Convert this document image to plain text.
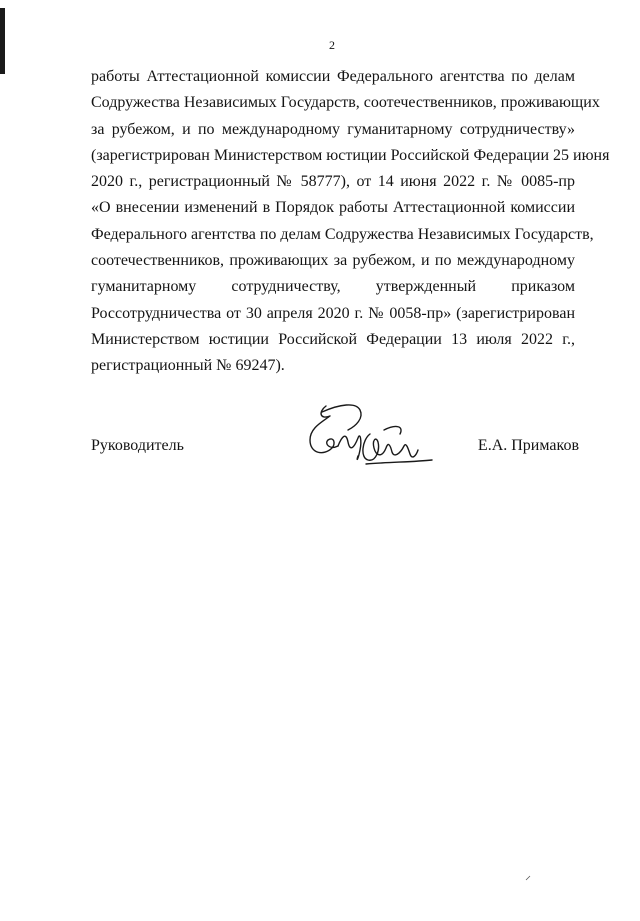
2
работы Аттестационной комиссии Федерального агентства по делам
Содружества Независимых Государств, соотечественников, проживающих
за рубежом, и по международному гуманитарному сотрудничеству»
(зарегистрирован Министерством юстиции Российской Федерации 25 июня
2020 г., регистрационный № 58777), от 14 июня 2022 г. № 0085-пр
«О внесении изменений в Порядок работы Аттестационной комиссии
Федерального агентства по делам Содружества Независимых Государств,
соотечественников, проживающих за рубежом, и по международному
гуманитарному сотрудничеству, утвержденный приказом
Россотрудничества от 30 апреля 2020 г. № 0058-пр» (зарегистрирован
Министерством юстиции Российской Федерации 13 июля 2022 г.,
регистрационный № 69247).
Руководитель	Е.А. Примаков
